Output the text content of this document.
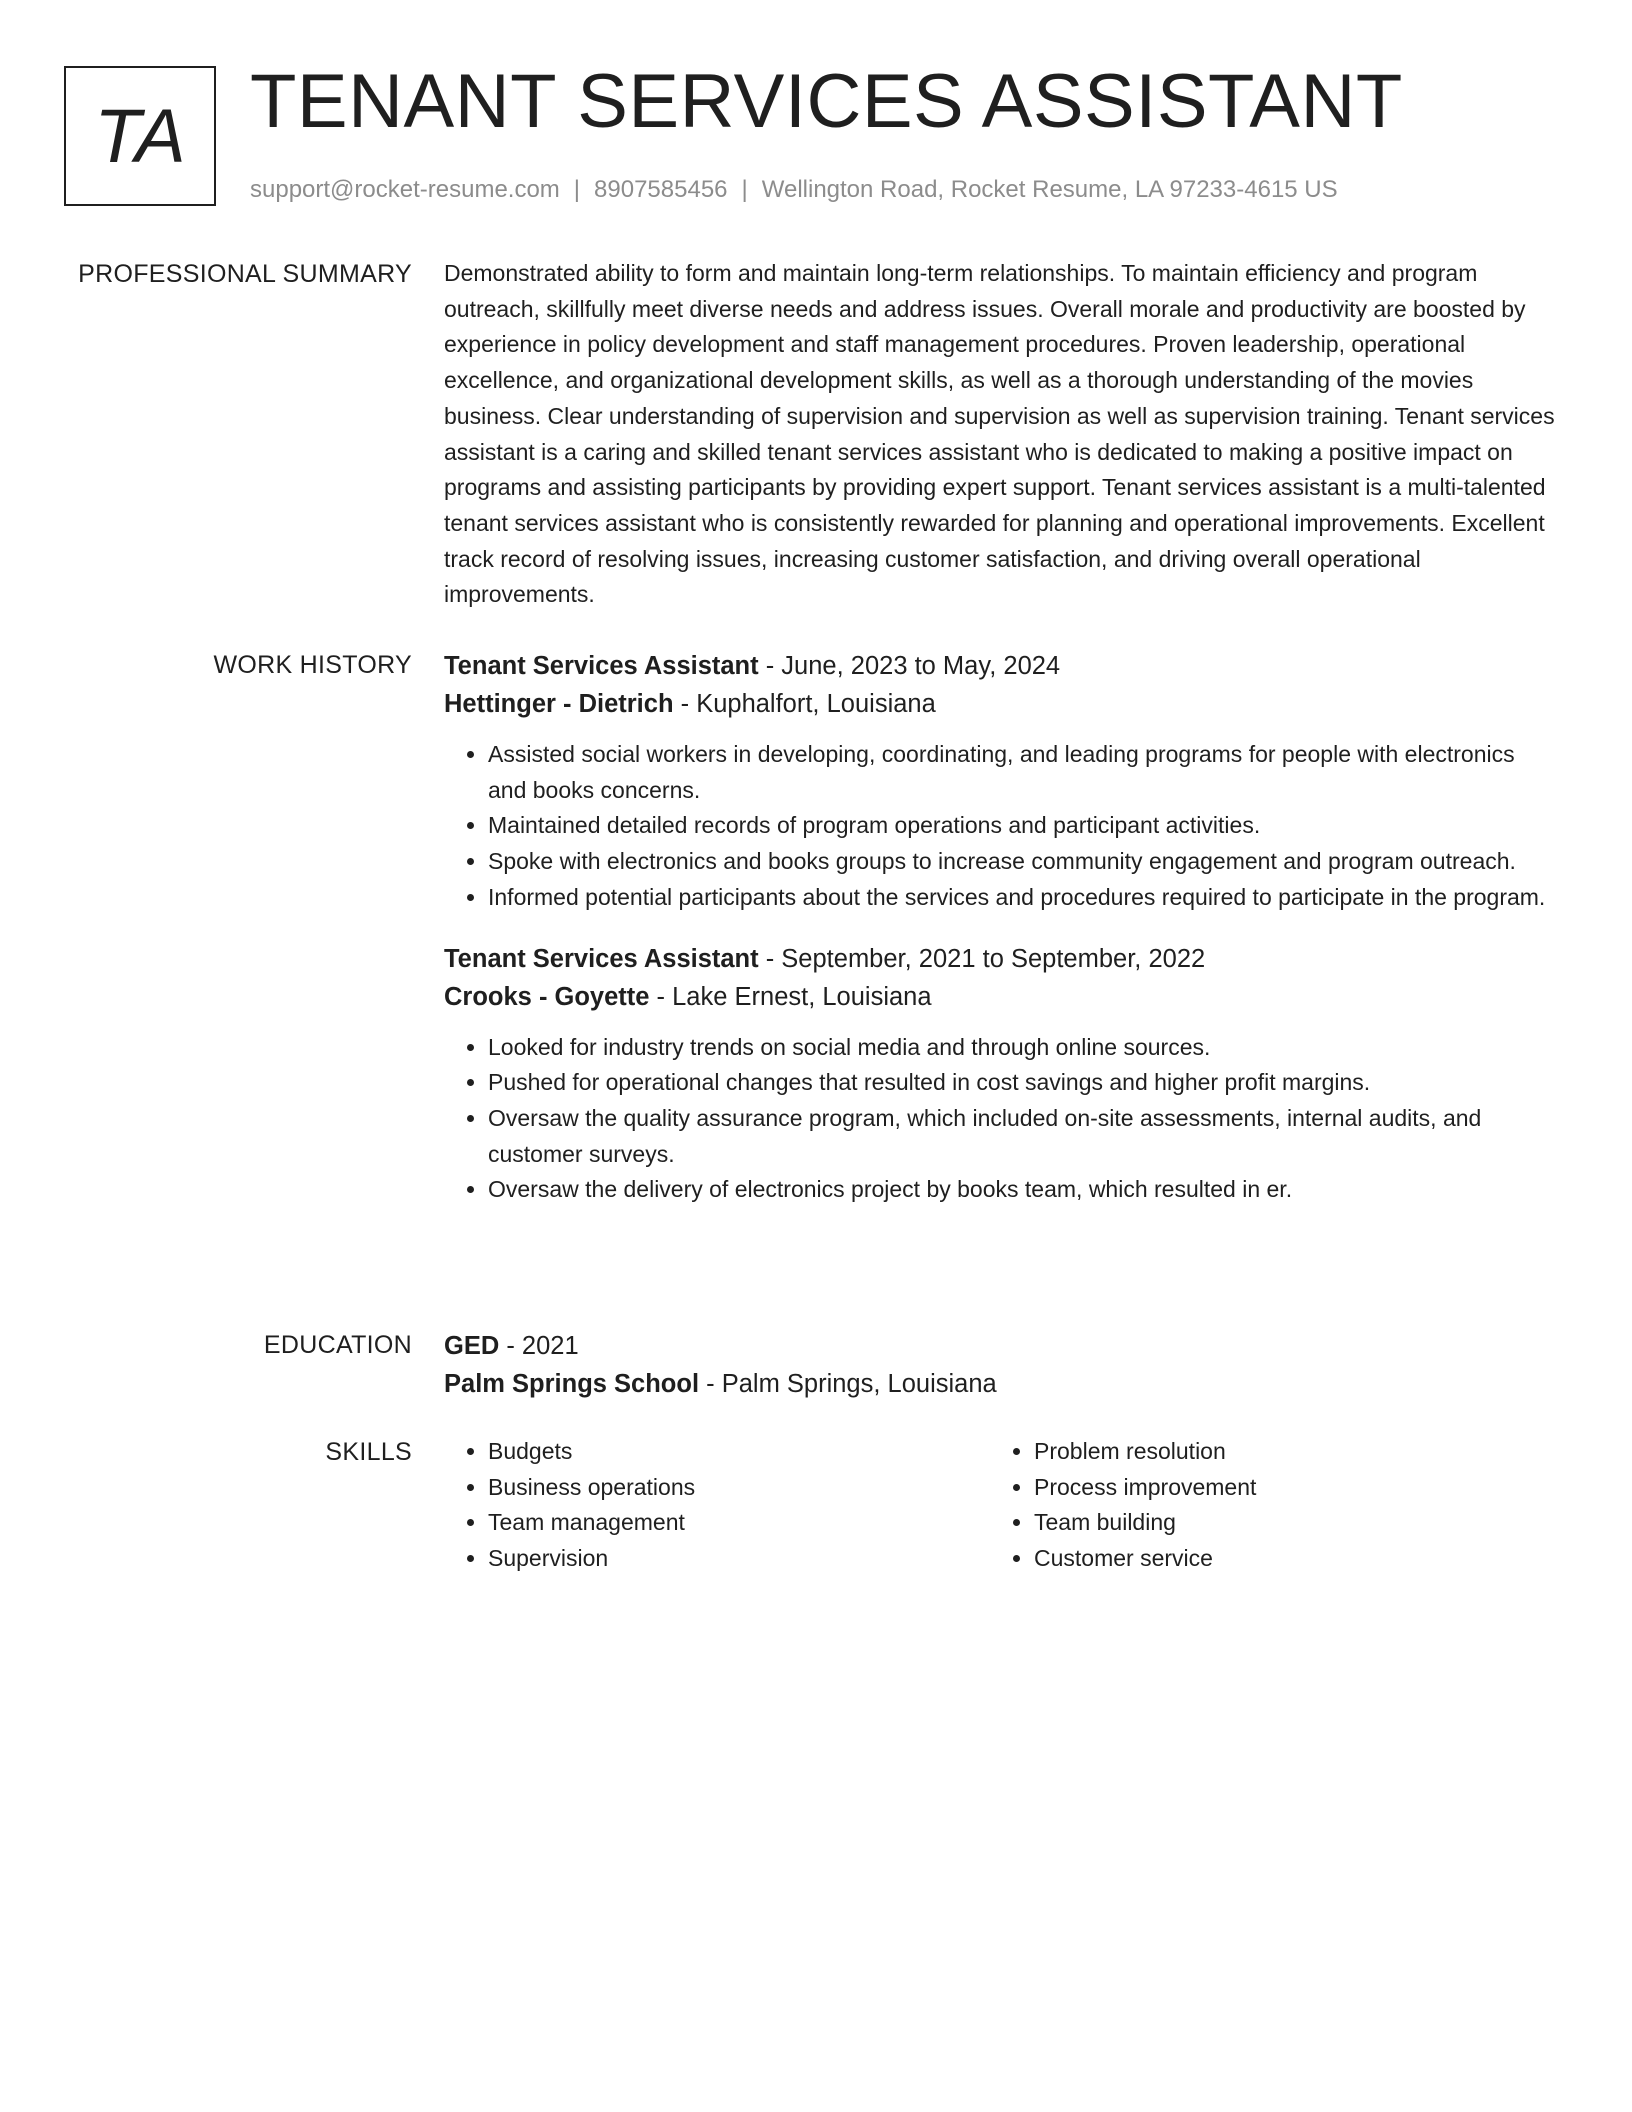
TA TENANT SERVICES ASSISTANT
support@rocket-resume.com | 8907585456 | Wellington Road, Rocket Resume, LA 97233-4615 US
PROFESSIONAL SUMMARY Demonstrated ability to form and maintain long-term relationships. To maintain efficiency and program outreach, skillfully meet diverse needs and address issues. Overall morale and productivity are boosted by experience in policy development and staff management procedures. Proven leadership, operational excellence, and organizational development skills, as well as a thorough understanding of the movies business. Clear understanding of supervision and supervision as well as supervision training. Tenant services assistant is a caring and skilled tenant services assistant who is dedicated to making a positive impact on programs and assisting participants by providing expert support. Tenant services assistant is a multi-talented tenant services assistant who is consistently rewarded for planning and operational improvements. Excellent track record of resolving issues, increasing customer satisfaction, and driving overall operational improvements.

WORK HISTORY Tenant Services Assistant - June, 2023 to May, 2024
Hettinger - Dietrich - Kuphalfort, Louisiana
• Assisted social workers in developing, coordinating, and leading programs for people with electronics and books concerns.
• Maintained detailed records of program operations and participant activities.
• Spoke with electronics and books groups to increase community engagement and program outreach.
• Informed potential participants about the services and procedures required to participate in the program.
Tenant Services Assistant - September, 2021 to September, 2022
Crooks - Goyette - Lake Ernest, Louisiana
• Looked for industry trends on social media and through online sources.
• Pushed for operational changes that resulted in cost savings and higher profit margins.
• Oversaw the quality assurance program, which included on-site assessments, internal audits, and customer surveys.
• Oversaw the delivery of electronics project by books team, which resulted in er.
EDUCATION GED - 2021
Palm Springs School - Palm Springs, Louisiana
SKILLS
•	Budgets
• Business operations
• Team management
• Supervision
• Problem resolution
• Process improvement
• Team building
• Customer service
